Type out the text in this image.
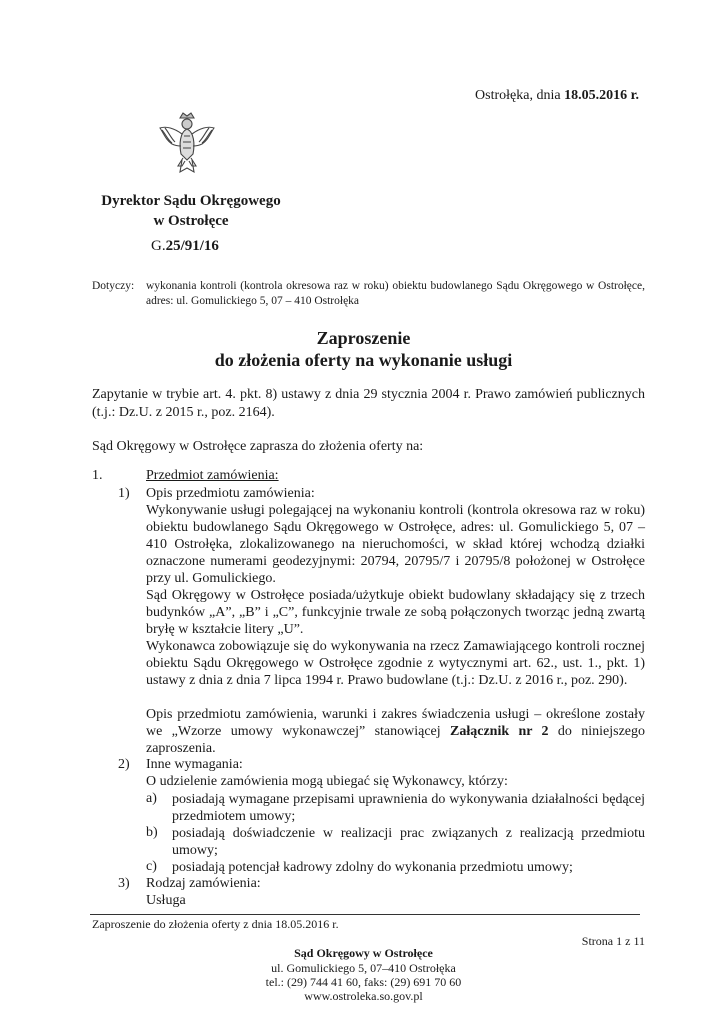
Ostrołęka, dnia 18.05.2016 r.
Dyrektor Sądu Okręgowego
w Ostrołęce
G.25/91/16
Dotyczy: wykonania kontroli (kontrola okresowa raz w roku) obiektu budowlanego Sądu Okręgowego w Ostrołęce, adres: ul. Gomulickiego 5, 07 – 410 Ostrołęka
Zaproszenie
do złożenia oferty na wykonanie usługi
Zapytanie w trybie art. 4. pkt. 8) ustawy z dnia 29 stycznia 2004 r. Prawo zamówień publicznych (t.j.: Dz.U. z 2015 r., poz. 2164).
Sąd Okręgowy w Ostrołęce zaprasza do złożenia oferty na:
1.	Przedmiot zamówienia:
1) Opis przedmiotu zamówienia:
Wykonywanie usługi polegającej na wykonaniu kontroli (kontrola okresowa raz w roku) obiektu budowlanego Sądu Okręgowego w Ostrołęce, adres: ul. Gomulickiego 5, 07 – 410 Ostrołęka, zlokalizowanego na nieruchomości, w skład której wchodzą działki oznaczone numerami geodezyjnymi: 20794, 20795/7 i 20795/8 położonej w Ostrołęce przy ul. Gomulickiego.
Sąd Okręgowy w Ostrołęce posiada/użytkuje obiekt budowlany składający się z trzech budynków „A”, „B” i „C”, funkcyjnie trwale ze sobą połączonych tworząc jedną zwartą bryłę w kształcie litery „U”.
Wykonawca zobowiązuje się do wykonywania na rzecz Zamawiającego kontroli rocznej obiektu Sądu Okręgowego w Ostrołęce zgodnie z wytycznymi art. 62., ust. 1., pkt. 1) ustawy z dnia z dnia 7 lipca 1994 r. Prawo budowlane (t.j.: Dz.U. z 2016 r., poz. 290).
Opis przedmiotu zamówienia, warunki i zakres świadczenia usługi – określone zostały we „Wzorze umowy wykonawczej” stanowiącej Załącznik nr 2 do niniejszego zaproszenia.
2) Inne wymagania:
O udzielenie zamówienia mogą ubiegać się Wykonawcy, którzy:
a) posiadają wymagane przepisami uprawnienia do wykonywania działalności będącej przedmiotem umowy;
b) posiadają doświadczenie w realizacji prac związanych z realizacją przedmiotu umowy;
c) posiadają potencjał kadrowy zdolny do wykonania przedmiotu umowy;
3) Rodzaj zamówienia:
Usługa
Zaproszenie do złożenia oferty z dnia 18.05.2016 r.
Strona 1 z 11
Sąd Okręgowy w Ostrołęce
ul. Gomulickiego 5, 07–410 Ostrołęka
tel.: (29) 744 41 60, faks: (29) 691 70 60
www.ostroleka.so.gov.pl
